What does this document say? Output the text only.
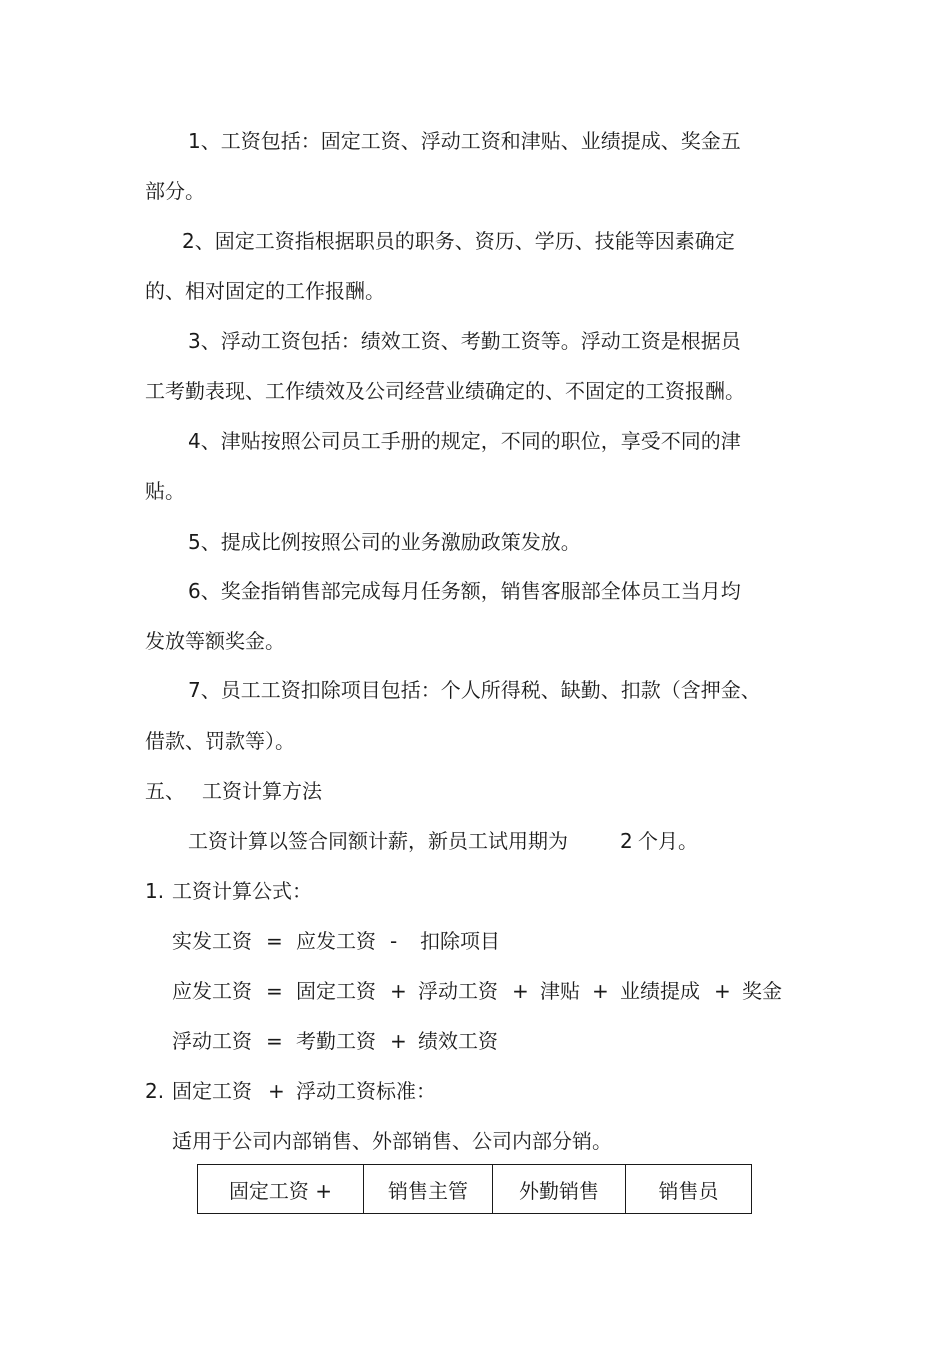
1、工资包括：固定工资、浮动工资和津贴、业绩提成、奖金五
部分。
2、固定工资指根据职员的职务、资历、学历、技能等因素确定
的、相对固定的工作报酬。
3、浮动工资包括：绩效工资、考勤工资等。浮动工资是根据员
工考勤表现、工作绩效及公司经营业绩确定的、不固定的工资报酬。
4、津贴按照公司员工手册的规定，不同的职位，享受不同的津
贴。
5、提成比例按照公司的业务激励政策发放。
6、奖金指销售部完成每月任务额，销售客服部全体员工当月均
发放等额奖金。
7、员工工资扣除项目包括：个人所得税、缺勤、扣款（含押金、
借款、罚款等）。
五、 工资计算方法
工资计算以签合同额计薪，新员工试用期为	2 个月。
1. 工资计算公式：
实发工资 = 应发工资 - 扣除项目
应发工资 = 固定工资 + 浮动工资 + 津贴 + 业绩提成 + 奖金
浮动工资 = 考勤工资 + 绩效工资
2. 固定工资 + 浮动工资标准：
适用于公司内部销售、外部销售、公司内部分销。
固定工资 +	销售主管	外勤销售	销售员
